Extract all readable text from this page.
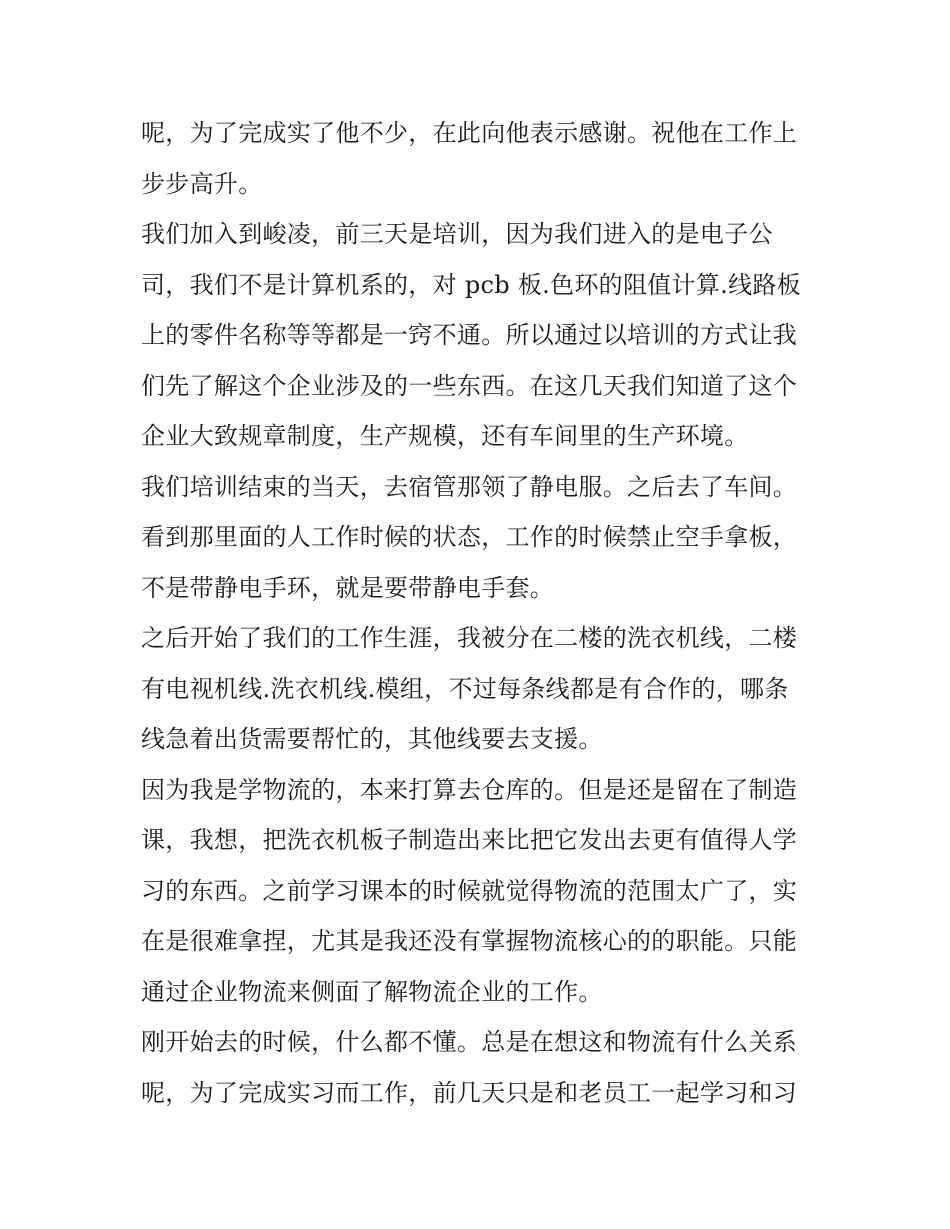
呢，为了完成实了他不少，在此向他表示感谢。祝他在工作上
步步高升。
我们加入到峻凌，前三天是培训，因为我们进入的是电子公
司，我们不是计算机系的，对 pcb 板.色环的阻值计算.线路板
上的零件名称等等都是一窍不通。所以通过以培训的方式让我
们先了解这个企业涉及的一些东西。在这几天我们知道了这个
企业大致规章制度，生产规模，还有车间里的生产环境。
我们培训结束的当天，去宿管那领了静电服。之后去了车间。
看到那里面的人工作时候的状态，工作的时候禁止空手拿板，
不是带静电手环，就是要带静电手套。
之后开始了我们的工作生涯，我被分在二楼的洗衣机线，二楼
有电视机线.洗衣机线.模组，不过每条线都是有合作的，哪条
线急着出货需要帮忙的，其他线要去支援。
因为我是学物流的，本来打算去仓库的。但是还是留在了制造
课，我想，把洗衣机板子制造出来比把它发出去更有值得人学
习的东西。之前学习课本的时候就觉得物流的范围太广了，实
在是很难拿捏，尤其是我还没有掌握物流核心的的职能。只能
通过企业物流来侧面了解物流企业的工作。
刚开始去的时候，什么都不懂。总是在想这和物流有什么关系
呢，为了完成实习而工作，前几天只是和老员工一起学习和习
